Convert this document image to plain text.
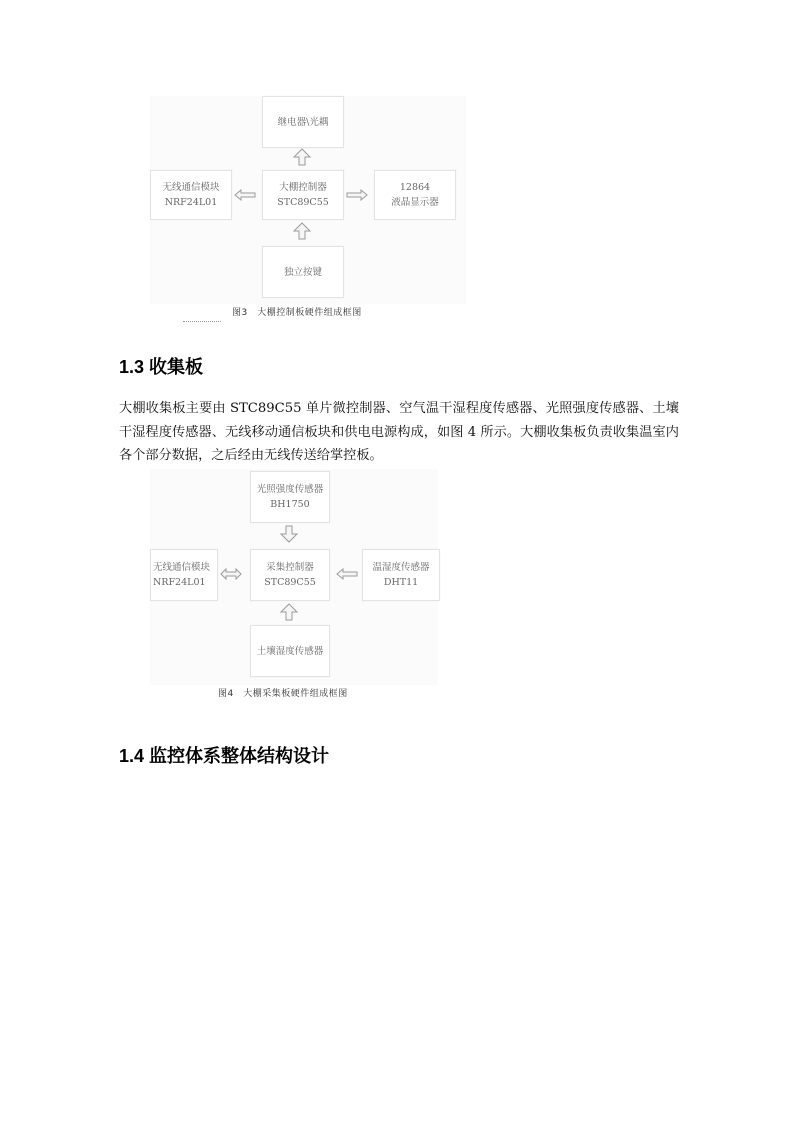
继电器\光耦
无线通信模块
NRF24L01
大棚控制器
STC89C55
12864
液晶显示器
独立按键
图3　大棚控制板硬件组成框图
1.3 收集板

大棚收集板主要由 STC89C55 单片微控制器、空气温干湿程度传感器、光照强度传感器、土壤干湿程度传感器、无线移动通信板块和供电电源构成，如图 4 所示。大棚收集板负责收集温室内各个部分数据，之后经由无线传送给掌控板。

光照强度传感器
BH1750
无线通信模块
NRF24L01
采集控制器
STC89C55
温湿度传感器
DHT11
土壤湿度传感器
图4　大棚采集板硬件组成框图
1.4 监控体系整体结构设计
